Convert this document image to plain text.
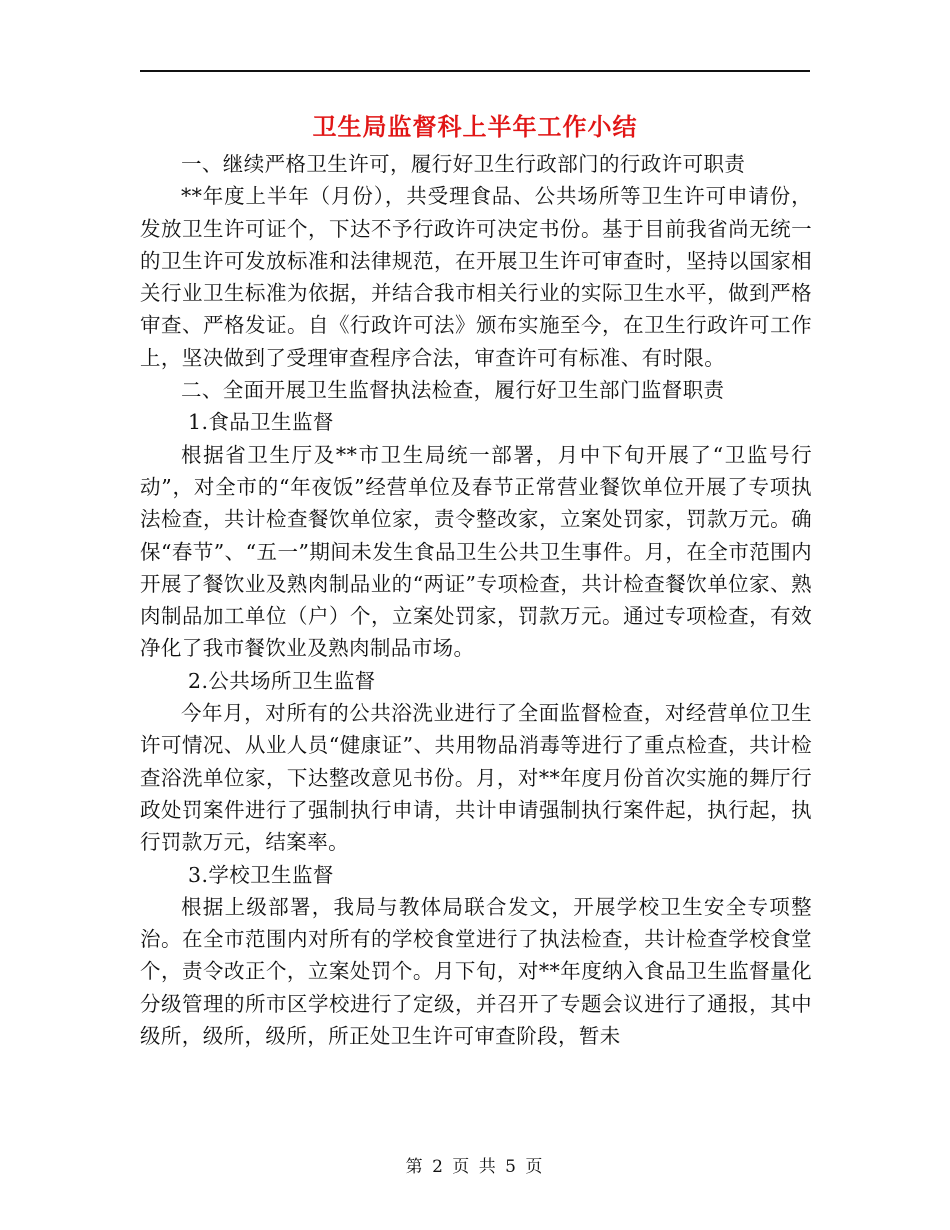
卫生局监督科上半年工作小结

一、继续严格卫生许可，履行好卫生行政部门的行政许可职责

**年度上半年（月份），共受理食品、公共场所等卫生许可申请份，发放卫生许可证个，下达不予行政许可决定书份。基于目前我省尚无统一的卫生许可发放标准和法律规范，在开展卫生许可审查时，坚持以国家相关行业卫生标准为依据，并结合我市相关行业的实际卫生水平，做到严格审查、严格发证。自《行政许可法》颁布实施至今，在卫生行政许可工作上，坚决做到了受理审查程序合法，审查许可有标准、有时限。

二、全面开展卫生监督执法检查，履行好卫生部门监督职责

1.食品卫生监督

根据省卫生厅及**市卫生局统一部署，月中下旬开展了“卫监号行动”，对全市的“年夜饭”经营单位及春节正常营业餐饮单位开展了专项执法检查，共计检查餐饮单位家，责令整改家，立案处罚家，罚款万元。确保“春节”、“五一”期间未发生食品卫生公共卫生事件。月，在全市范围内开展了餐饮业及熟肉制品业的“两证”专项检查，共计检查餐饮单位家、熟肉制品加工单位（户）个，立案处罚家，罚款万元。通过专项检查，有效净化了我市餐饮业及熟肉制品市场。

2.公共场所卫生监督

今年月，对所有的公共浴洗业进行了全面监督检查，对经营单位卫生许可情况、从业人员“健康证”、共用物品消毒等进行了重点检查，共计检查浴洗单位家，下达整改意见书份。月，对**年度月份首次实施的舞厅行政处罚案件进行了强制执行申请，共计申请强制执行案件起，执行起，执行罚款万元，结案率。

3.学校卫生监督

根据上级部署，我局与教体局联合发文，开展学校卫生安全专项整治。在全市范围内对所有的学校食堂进行了执法检查，共计检查学校食堂个，责令改正个，立案处罚个。月下旬，对**年度纳入食品卫生监督量化分级管理的所市区学校进行了定级，并召开了专题会议进行了通报，其中级所，级所，级所，所正处卫生许可审查阶段，暂未

第 2 页 共 5 页
